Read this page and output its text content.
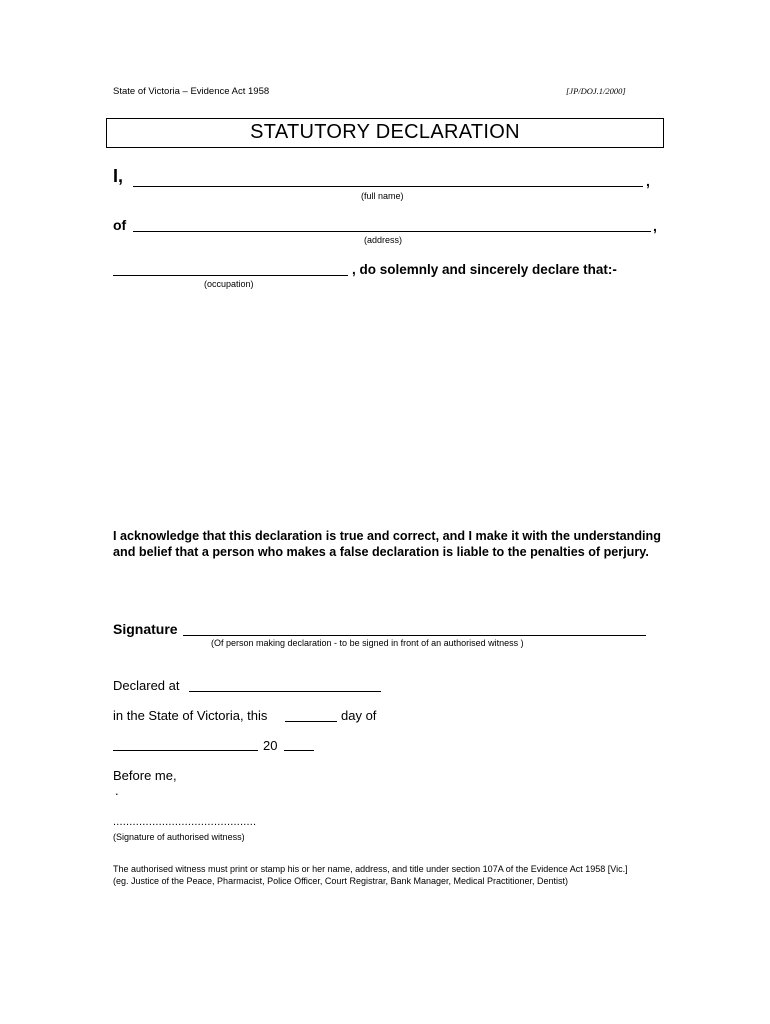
State of Victoria – Evidence Act 1958	[JP/DOJ.1/2000]
STATUTORY DECLARATION
I,	,
(full name)
of	,
(address)
, do solemnly and sincerely declare that:-
(occupation)
I acknowledge that this declaration is true and correct, and I make it with the understanding and belief that a person who makes a false declaration is liable to the penalties of perjury.
Signature
(Of person making declaration - to be signed in front of an authorised witness )
Declared at
in the State of Victoria, this	day of
20
Before me,
.
............................................
(Signature of authorised witness)
The authorised witness must print or stamp his or her name, address, and title under section 107A of the Evidence Act 1958 [Vic.]
(eg. Justice of the Peace, Pharmacist, Police Officer, Court Registrar, Bank Manager, Medical Practitioner, Dentist)
